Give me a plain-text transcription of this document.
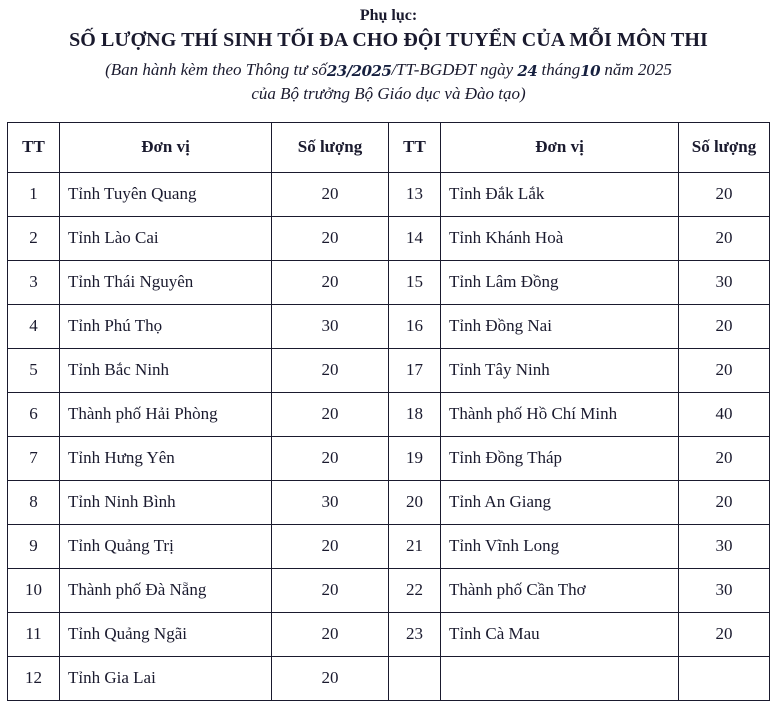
Phụ lục:
SỐ LƯỢNG THÍ SINH TỐI ĐA CHO ĐỘI TUYỂN CỦA MỖI MÔN THI
(Ban hành kèm theo Thông tư số23/2025/TT-BGDĐT ngày 24 tháng10 năm 2025
của Bộ trưởng Bộ Giáo dục và Đào tạo)
TT	Đơn vị	Số lượng	TT	Đơn vị	Số lượng
1	Tỉnh Tuyên Quang	20	13	Tỉnh Đắk Lắk	20
2	Tỉnh Lào Cai	20	14	Tỉnh Khánh Hoà	20
3	Tỉnh Thái Nguyên	20	15	Tỉnh Lâm Đồng	30
4	Tỉnh Phú Thọ	30	16	Tỉnh Đồng Nai	20
5	Tỉnh Bắc Ninh	20	17	Tỉnh Tây Ninh	20
6	Thành phố Hải Phòng	20	18	Thành phố Hồ Chí Minh	40
7	Tỉnh Hưng Yên	20	19	Tỉnh Đồng Tháp	20
8	Tỉnh Ninh Bình	30	20	Tỉnh An Giang	20
9	Tỉnh Quảng Trị	20	21	Tỉnh Vĩnh Long	30
10	Thành phố Đà Nẵng	20	22	Thành phố Cần Thơ	30
11	Tỉnh Quảng Ngãi	20	23	Tỉnh Cà Mau	20
12	Tỉnh Gia Lai	20			
